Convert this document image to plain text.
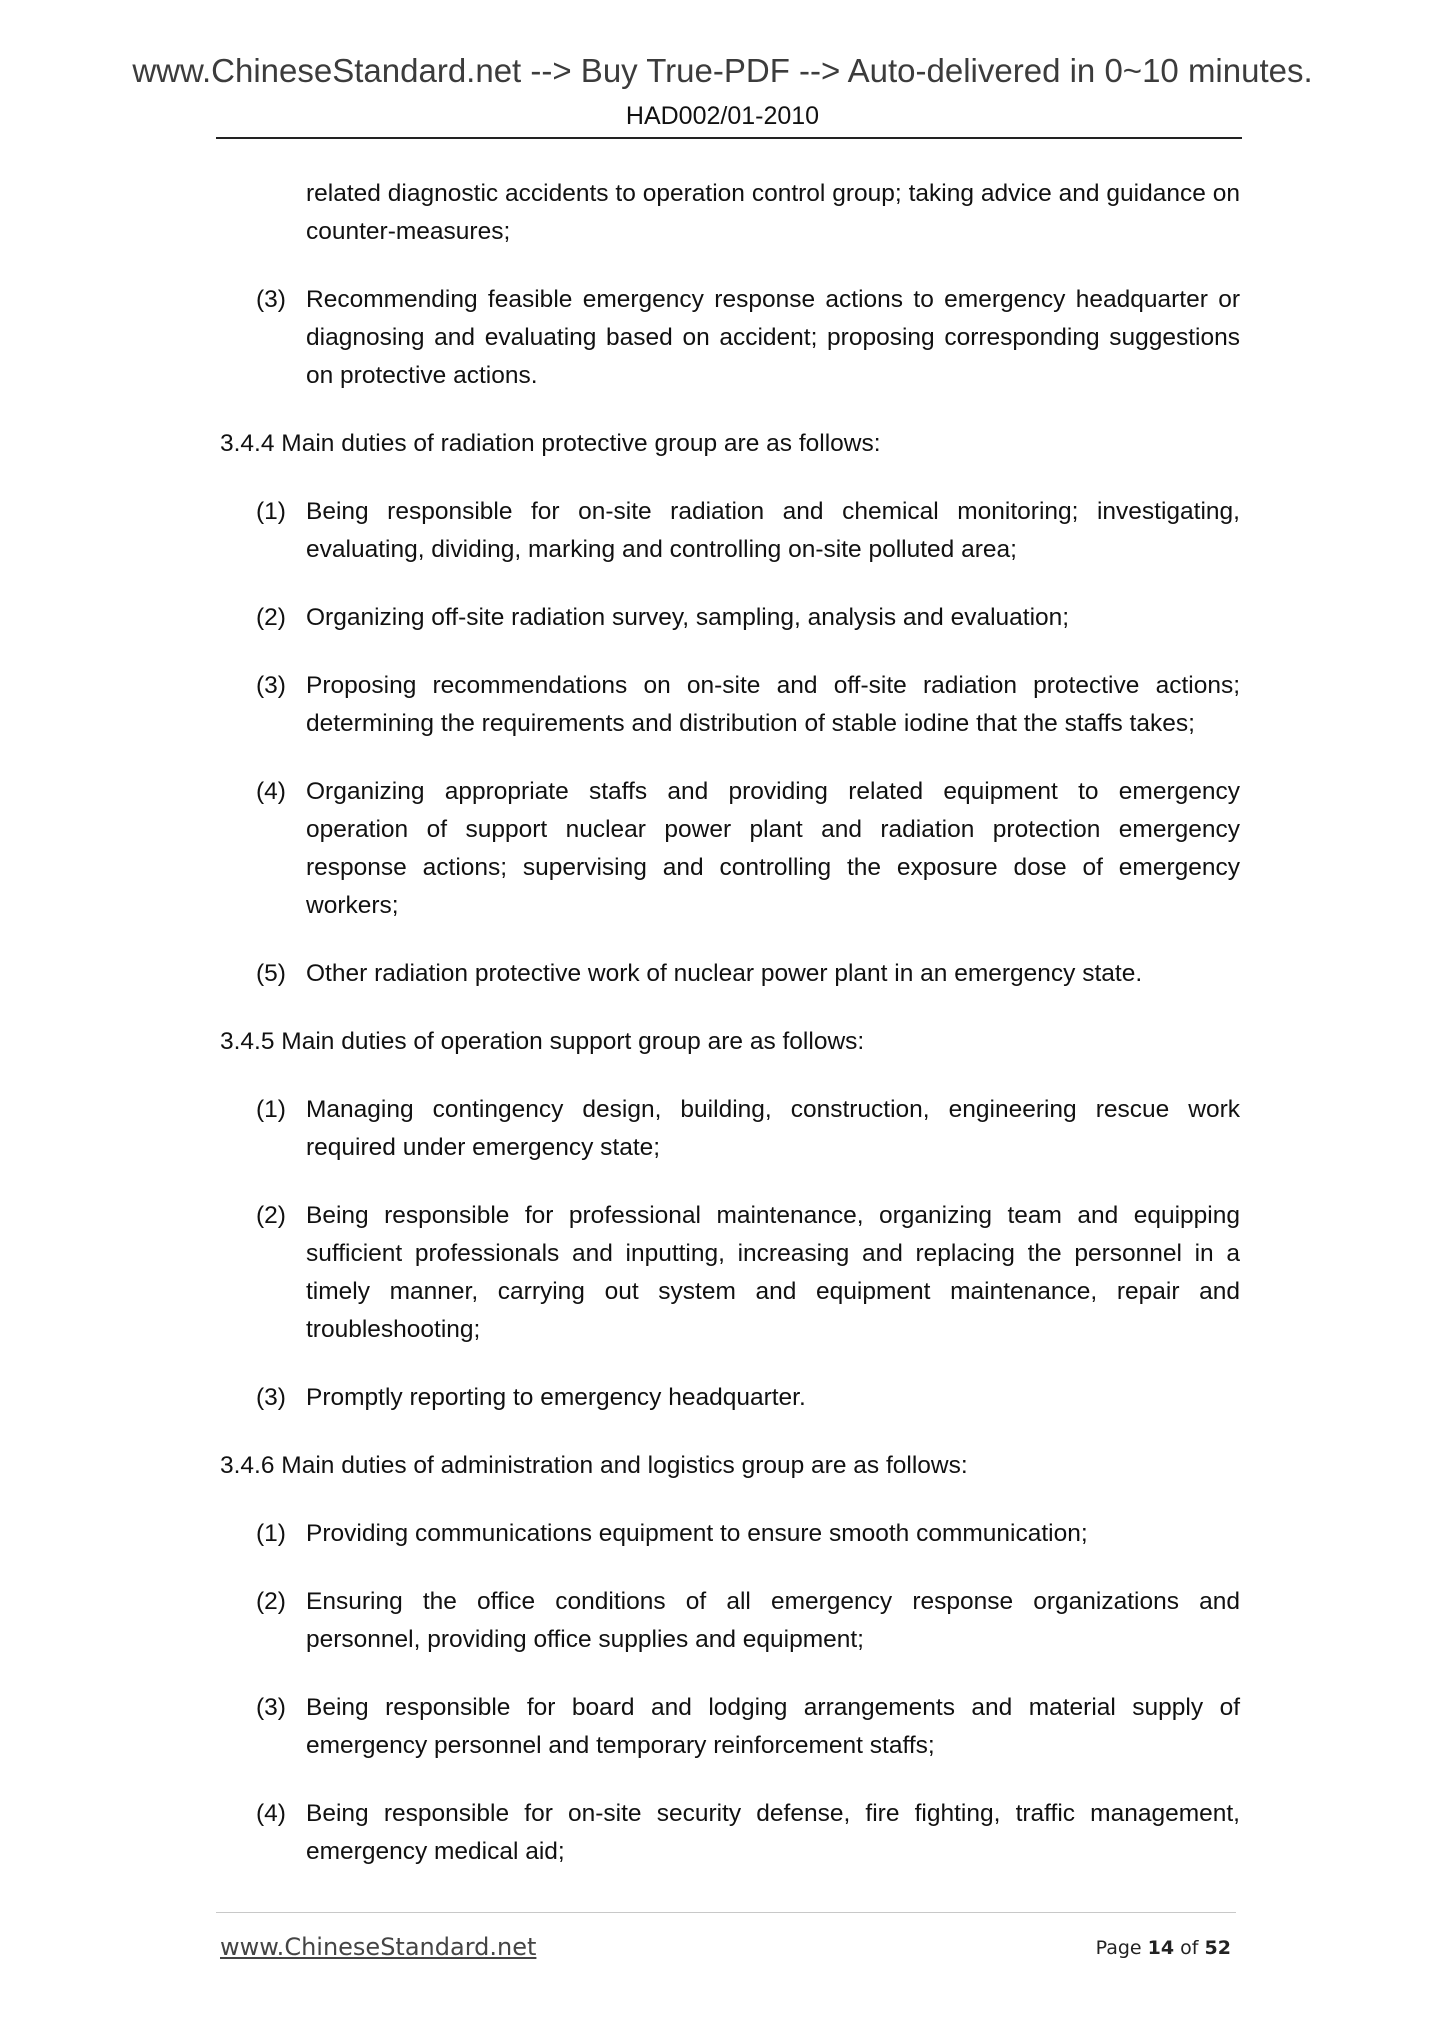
www.ChineseStandard.net --> Buy True-PDF --> Auto-delivered in 0~10 minutes.
HAD002/01-2010

related diagnostic accidents to operation control group; taking advice and guidance on counter-measures;

(3) Recommending feasible emergency response actions to emergency headquarter or diagnosing and evaluating based on accident; proposing corresponding suggestions on protective actions.
3.4.4 Main duties of radiation protective group are as follows:
(1) Being responsible for on-site radiation and chemical monitoring; investigating, evaluating, dividing, marking and controlling on-site polluted area;
(2) Organizing off-site radiation survey, sampling, analysis and evaluation;
(3) Proposing recommendations on on-site and off-site radiation protective actions; determining the requirements and distribution of stable iodine that the staffs takes;
(4) Organizing appropriate staffs and providing related equipment to emergency operation of support nuclear power plant and radiation protection emergency response actions; supervising and controlling the exposure dose of emergency workers;
(5) Other radiation protective work of nuclear power plant in an emergency state.
3.4.5 Main duties of operation support group are as follows:
(1) Managing contingency design, building, construction, engineering rescue work required under emergency state;
(2) Being responsible for professional maintenance, organizing team and equipping sufficient professionals and inputting, increasing and replacing the personnel in a timely manner, carrying out system and equipment maintenance, repair and troubleshooting;
(3) Promptly reporting to emergency headquarter.
3.4.6 Main duties of administration and logistics group are as follows:
(1) Providing communications equipment to ensure smooth communication;
(2) Ensuring the office conditions of all emergency response organizations and personnel, providing office supplies and equipment;
(3) Being responsible for board and lodging arrangements and material supply of emergency personnel and temporary reinforcement staffs;
(4) Being responsible for on-site security defense, fire fighting, traffic management, emergency medical aid;
www.ChineseStandard.net	Page 14 of 52
